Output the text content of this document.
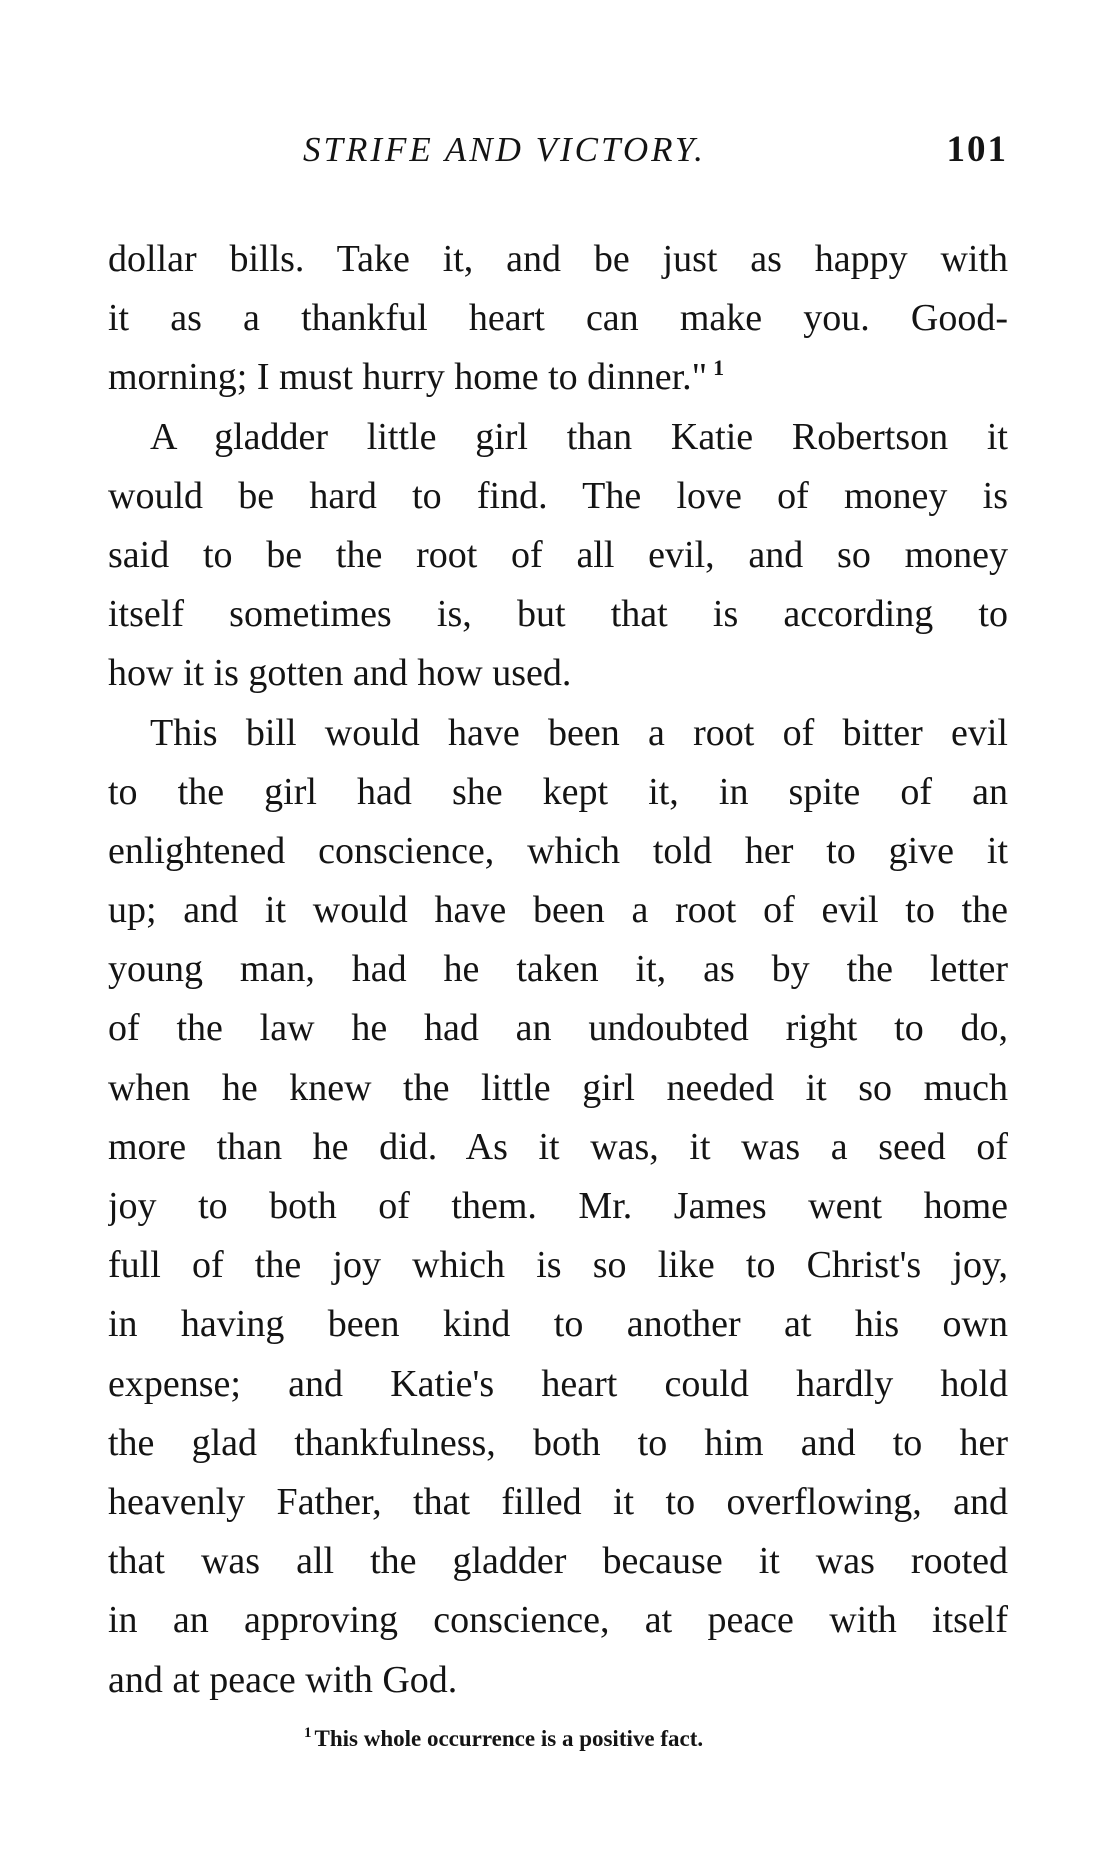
STRIFE AND VICTORY.	101
dollar bills. Take it, and be just as happy with
it as a thankful heart can make you. Good-
morning; I must hurry home to dinner." $^1$
A gladder little girl than Katie Robertson it
would be hard to find. The love of money is
said to be the root of all evil, and so money
itself sometimes is, but that is according to
how it is gotten and how used.
This bill would have been a root of bitter evil
to the girl had she kept it, in spite of an
enlightened conscience, which told her to give it
up; and it would have been a root of evil to the
young man, had he taken it, as by the letter
of the law he had an undoubted right to do,
when he knew the little girl needed it so much
more than he did. As it was, it was a seed of
joy to both of them. Mr. James went home
full of the joy which is so like to Christ's joy,
in having been kind to another at his own
expense; and Katie's heart could hardly hold
the glad thankfulness, both to him and to her
heavenly Father, that filled it to overflowing, and
that was all the gladder because it was rooted
in an approving conscience, at peace with itself
and at peace with God.
$^1$ This whole occurrence is a positive fact.
